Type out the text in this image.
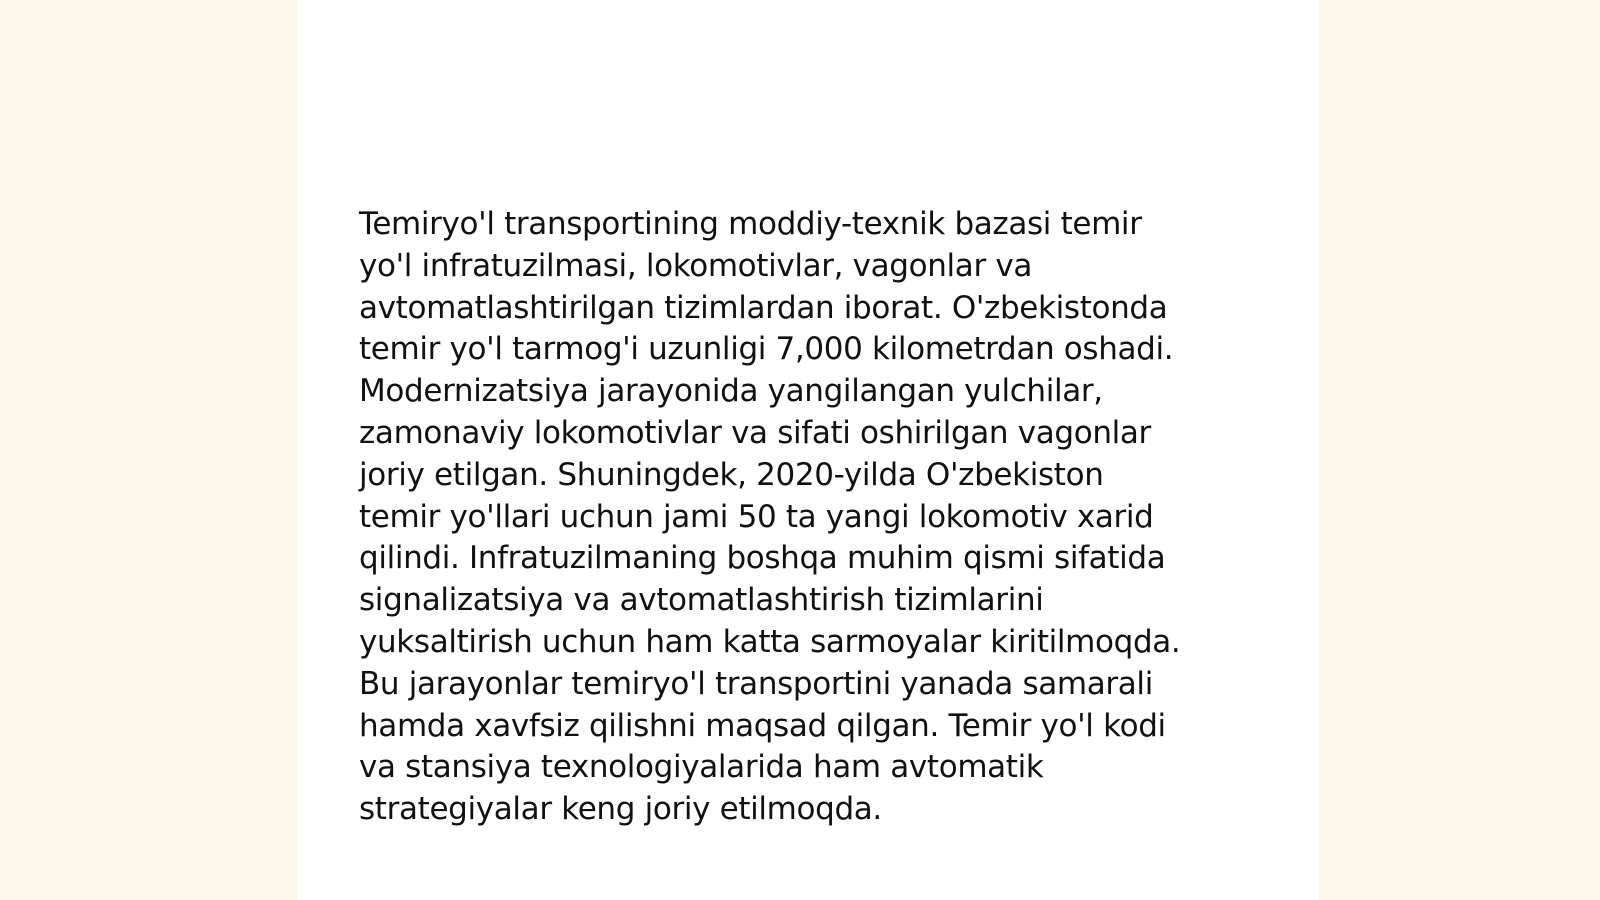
Temiryo'l transportining moddiy-texnik bazasi temir
yo'l infratuzilmasi, lokomotivlar, vagonlar va
avtomatlashtirilgan tizimlardan iborat. O'zbekistonda
temir yo'l tarmog'i uzunligi 7,000 kilometrdan oshadi.
Modernizatsiya jarayonida yangilangan yulchilar,
zamonaviy lokomotivlar va sifati oshirilgan vagonlar
joriy etilgan. Shuningdek, 2020-yilda O'zbekiston
temir yo'llari uchun jami 50 ta yangi lokomotiv xarid
qilindi. Infratuzilmaning boshqa muhim qismi sifatida
signalizatsiya va avtomatlashtirish tizimlarini
yuksaltirish uchun ham katta sarmoyalar kiritilmoqda.
Bu jarayonlar temiryo'l transportini yanada samarali
hamda xavfsiz qilishni maqsad qilgan. Temir yo'l kodi
va stansiya texnologiyalarida ham avtomatik
strategiyalar keng joriy etilmoqda.
